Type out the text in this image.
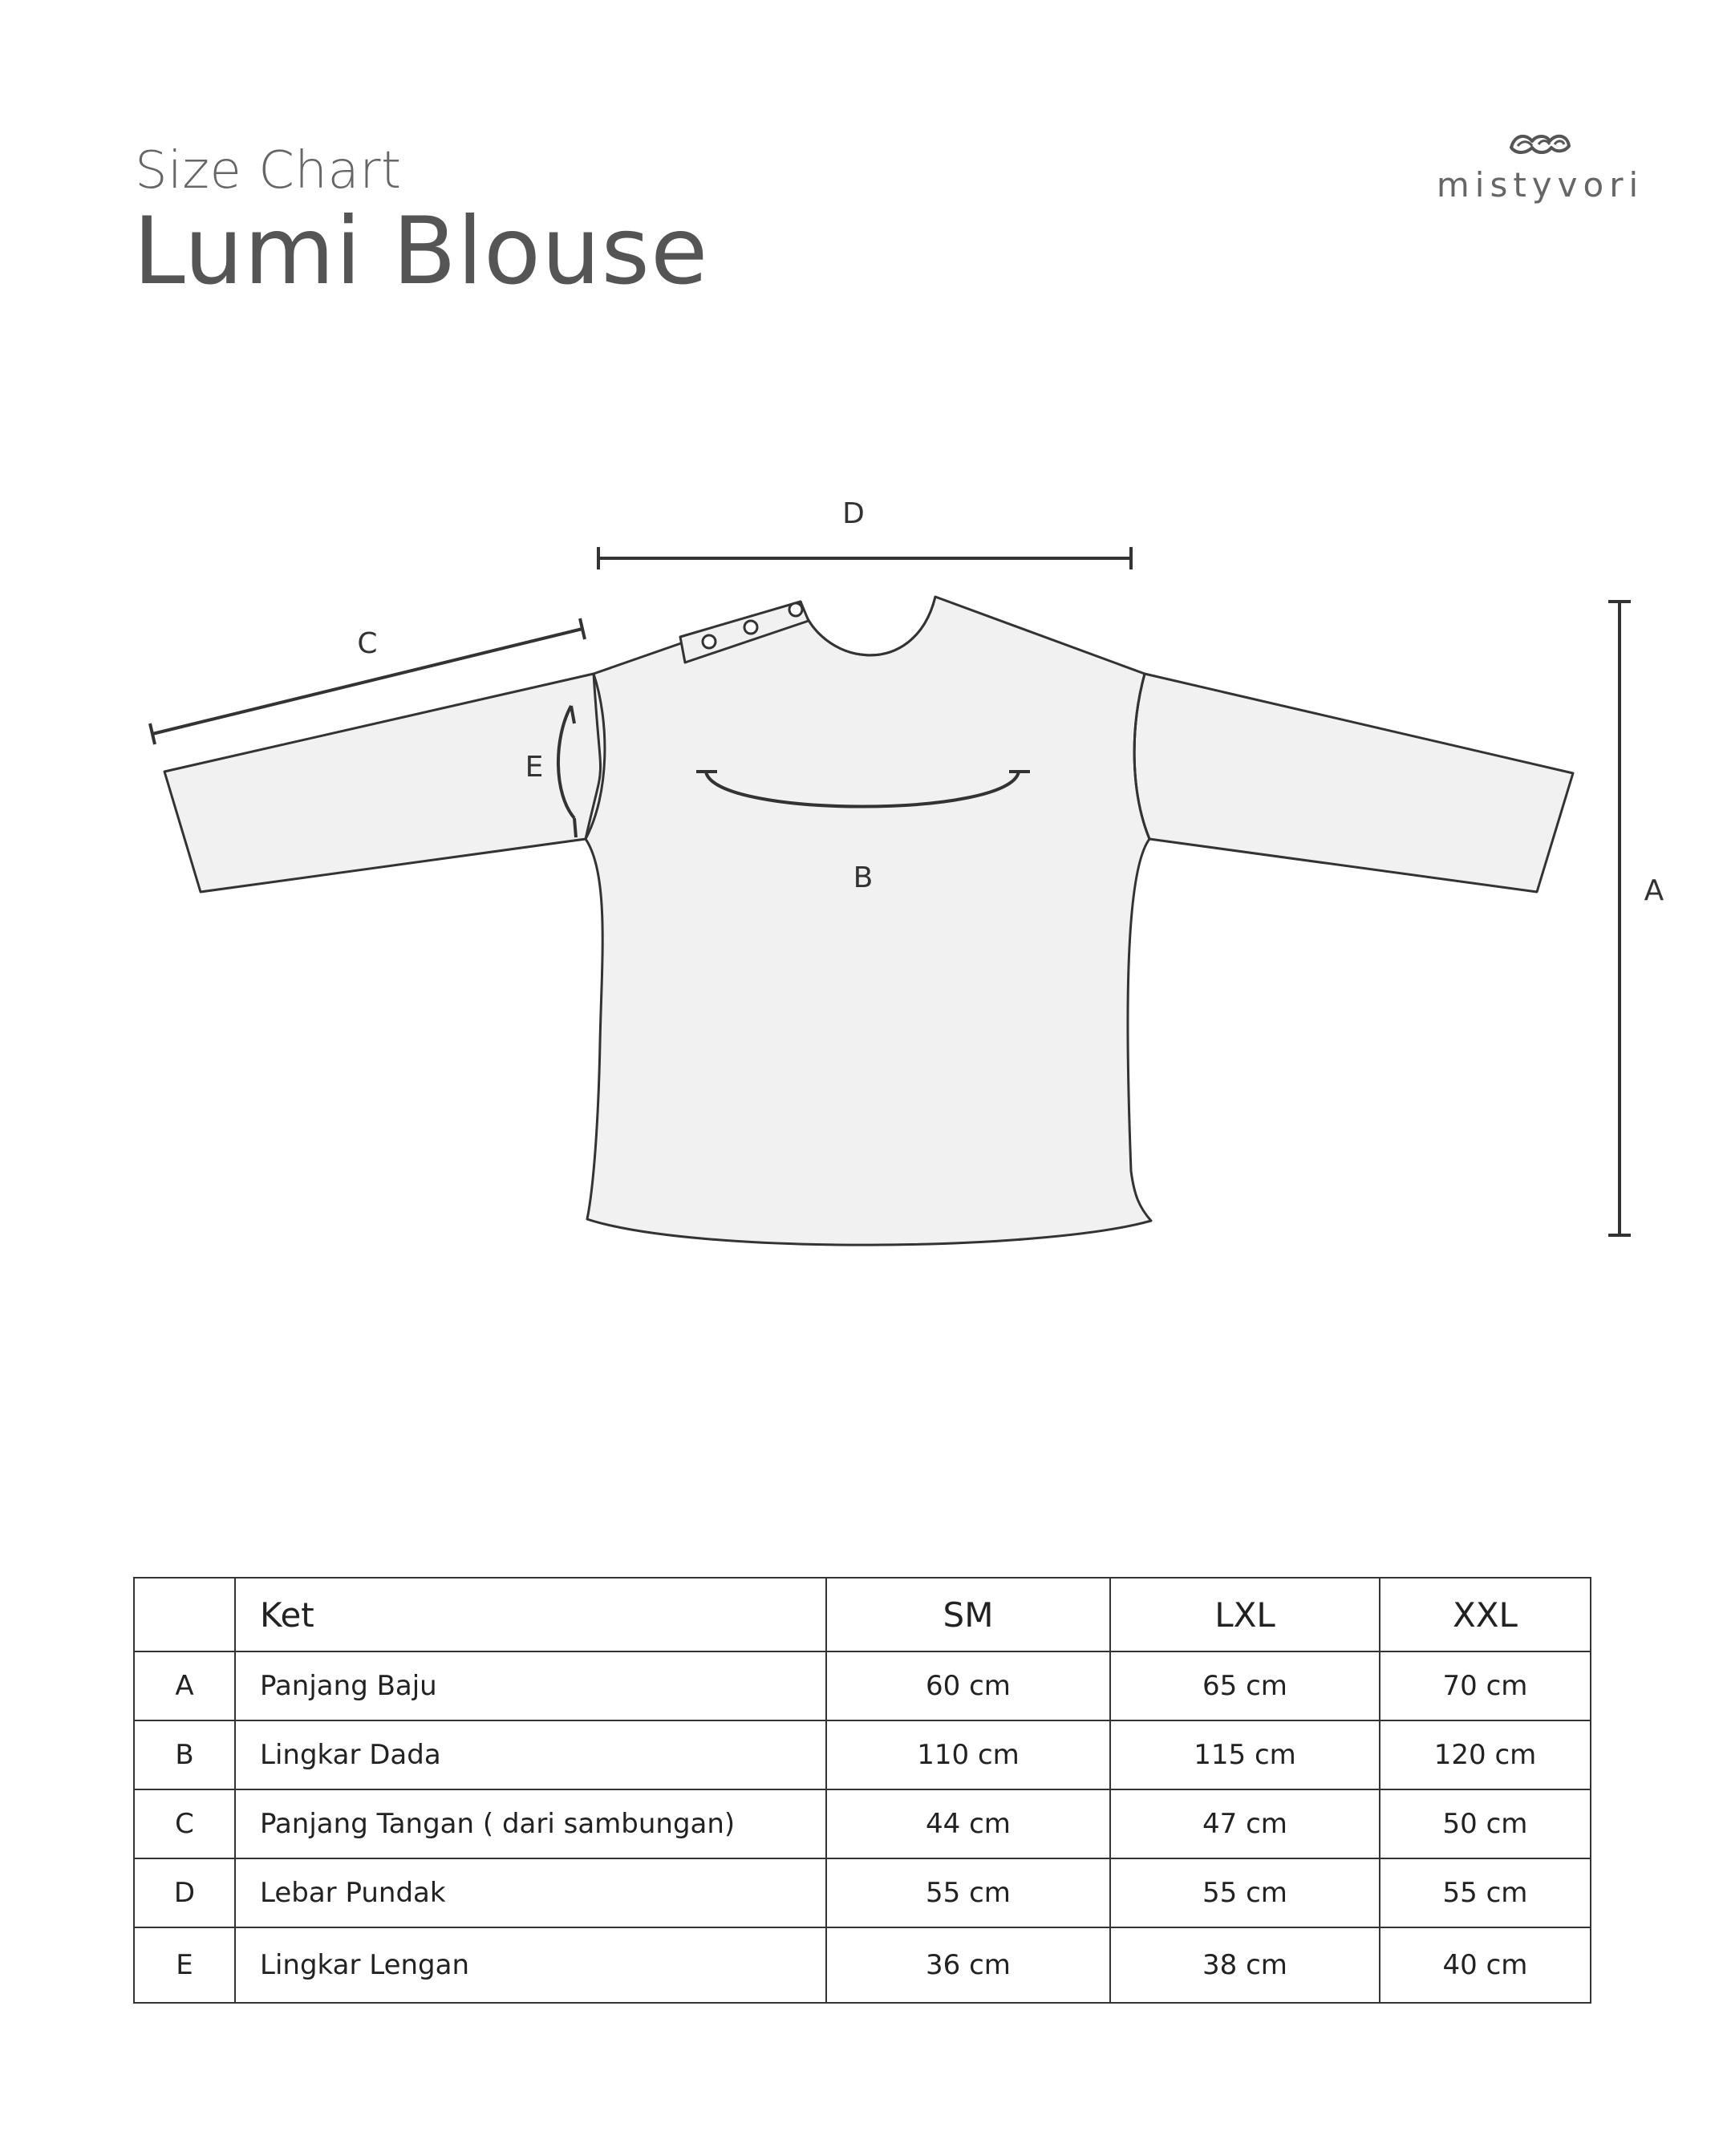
Size Chart
Lumi Blouse
mistyvori
D
C
E
B	A
	Ket	SM	LXL	XXL
A	Panjang Baju	60 cm	65 cm	70 cm
B	Lingkar Dada	110 cm	115 cm	120 cm
C	Panjang Tangan ( dari sambungan)	44 cm	47 cm	50 cm
D	Lebar Pundak	55 cm	55 cm	55 cm
E	Lingkar Lengan	36 cm	38 cm	40 cm
